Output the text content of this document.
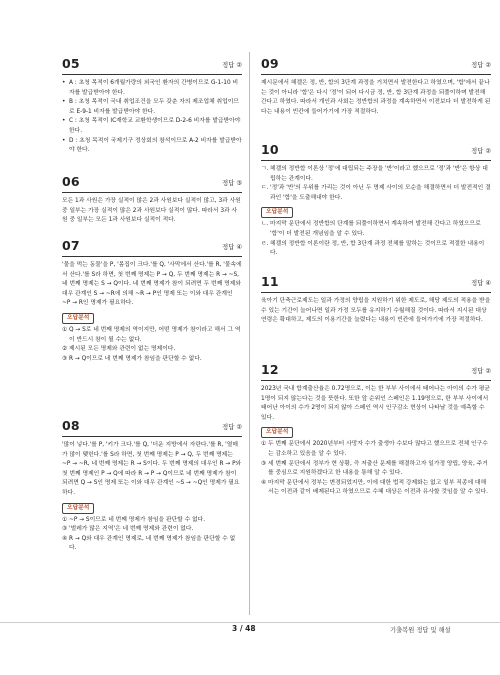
05	정답 ②
• A : 초청 목적이 6개월가량의 외국인 환자의 간병이므로 G-1-10 비자를 발급받아야 한다.
• B : 초청 목적이 국내 취업조건을 모두 갖춘 자의 제조업체 취업이므로 E-9-1 비자를 발급받아야 한다.
• C : 초청 목적이 IC재학교 교환학생이므로 D-2-6 비자를 발급받아야 한다.
• D : 초청 목적이 국제기구 정상회의 참석이므로 A-2 비자를 발급받아야 한다.
06	정답 ③

모든 1과 사원은 가장 실적이 많은 2과 사원보다 실적이 많고, 3과 사원 중 일부는 가장 실적이 많은 2과 사원보다 실적이 많다. 따라서 3과 사원 중 일부는 모든 1과 사원보다 실적이 적다.

07	정답 ④

'물을 먹는 동물'을 P, '몸집이 크다.'를 Q, '사막에서 산다.'를 R, '물속에서 산다.'를 S라 하면, 첫 번째 명제는 P → Q, 두 번째 명제는 R → ~S, 네 번째 명제는 S → Q이다. 네 번째 명제가 참이 되려면 두 번째 명제와 대우 관계인 S → ~R에 의해 ~R → P인 명제 또는 이와 대우 관계인 ~P → R인 명제가 필요하다.

오답분석
① Q → S로 네 번째 명제의 역이지만, 어떤 명제가 참이라고 해서 그 역이 반드시 참이 될 수는 없다.
② 제시된 모든 명제와 관련이 없는 명제이다.
③ R → Q이므로 네 번째 명제가 참임을 판단할 수 없다.
08	정답 ②

'많이 넣다.'를 P, '키가 크다.'를 Q, '더운 지방에서 자란다.'를 R, '열매가 많이 맺힌다.'를 S라 하면, 첫 번째 명제는 P → Q, 두 번째 명제는 ~P → ~R, 네 번째 명제는 R → S이다. 두 번째 명제의 대우인 R → P와 첫 번째 명제인 P → Q에 따라 R → P → Q이므로 네 번째 명제가 참이 되려면 Q → S인 명제 또는 이와 대우 관계인 ~S → ~Q인 명제가 필요하다.

오답분석
① ~P → S이므로 네 번째 명제가 참임을 판단할 수 없다.
③ '벌레가 많은 지역'은 네 번째 명제와 관련이 없다.
④ R → Q와 대우 관계인 명제로, 네 번째 명제가 참임을 판단할 수 없다.
09	정답 ②

제시문에서 헤겔은 정, 반, 합의 3단계 과정을 거치면서 발전한다고 하였으며, '합'에서 끝나는 것이 아니라 '합'은 다시 '정'이 되어 다시금 정, 반, 합 3단계 과정을 되풀이하며 발전해 간다고 하였다. 따라서 개인과 사회는 정반합의 과정을 계속하면서 이전보다 더 발전하게 된다는 내용이 빈칸에 들어가기에 가장 적절하다.

10	정답 ②
ㄱ. 헤겔의 정반합 이론상 '정'에 대립되는 주장을 '반'이라고 했으므로 '정'과 '반'은 항상 대립하는 관계이다.
ㄷ. '정'과 '반'의 우위를 가리는 것이 아닌 두 명제 사이의 모순을 해결하면서 더 발전적인 결과인 '합'을 도출해내야 한다.
오답분석
ㄴ. 마지막 문단에서 정반합의 단계를 되풀이하면서 계속하여 발전해 간다고 하였으므로 '합'이 더 발전된 개념임을 알 수 있다.
ㄹ. 헤겔의 정반합 이론이란 정, 반, 합 3단계 과정 전체를 말하는 것이므로 적절한 내용이다.
11	정답 ④

육아기 단축근로제도는 일과 가정의 양립을 지원하기 위한 제도로, 해당 제도의 적용을 받을 수 있는 기간이 늘어나면 일과 가정 모두를 유지하기 수월해질 것이다. 따라서 지시된 대상연령은 확대하고, 제도의 이용기간을 늘렸다는 내용이 빈칸에 들어가기에 가장 적절하다.

12	정답 ②

2023년 국내 합계출산율은 0.72명으로, 이는 한 부부 사이에서 태어나는 아이의 수가 평균 1명이 되지 않는다는 것을 뜻한다. 또한 앞 순위인 스페인은 1.19명으로, 한 부부 사이에서 태어난 아이의 수가 2명이 되지 않아 스페인 역시 인구감소 현상이 나타날 것을 예측할 수 있다.

오답분석
① 두 번째 문단에서 2020년부터 사망자 수가 출생아 수보다 많다고 했으므로 전체 인구수는 감소하고 있음을 알 수 있다.
③ 세 번째 문단에서 정부가 현 상황, 즉 저출산 문제를 해결하고자 일가정 양립, 양육, 주거를 중심으로 지원하겠다고 한 내용을 통해 알 수 있다.
④ 마지막 문단에서 정부는 변경되었지만, 이에 대한 법적 강제화는 없고 일부 직종에 대해서는 이전과 같이 배제된다고 하였으므로 수혜 대상은 이전과 유사할 것임을 알 수 있다.
3 / 48	기출복원 정답 및 해설
